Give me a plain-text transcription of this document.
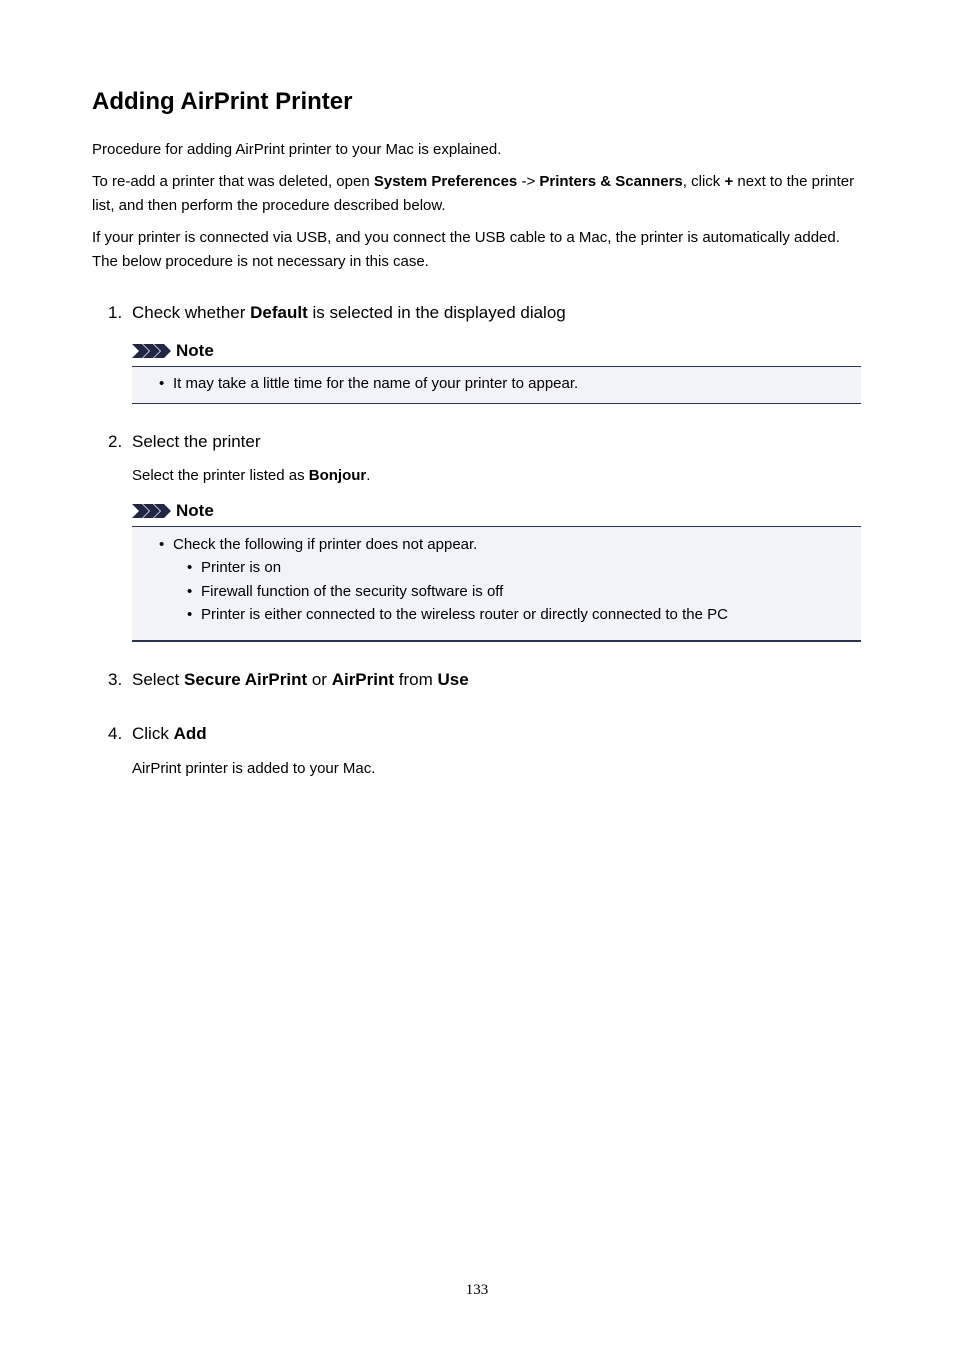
Adding AirPrint Printer
Procedure for adding AirPrint printer to your Mac is explained.
To re-add a printer that was deleted, open System Preferences -> Printers & Scanners, click + next to the printer list, and then perform the procedure described below.
If your printer is connected via USB, and you connect the USB cable to a Mac, the printer is automatically added. The below procedure is not necessary in this case.
1. Check whether Default is selected in the displayed dialog
Note
• It may take a little time for the name of your printer to appear.
2. Select the printer
Select the printer listed as Bonjour.
Note
• Check the following if printer does not appear.
• Printer is on
• Firewall function of the security software is off
• Printer is either connected to the wireless router or directly connected to the PC
3. Select Secure AirPrint or AirPrint from Use
4. Click Add
AirPrint printer is added to your Mac.
133
